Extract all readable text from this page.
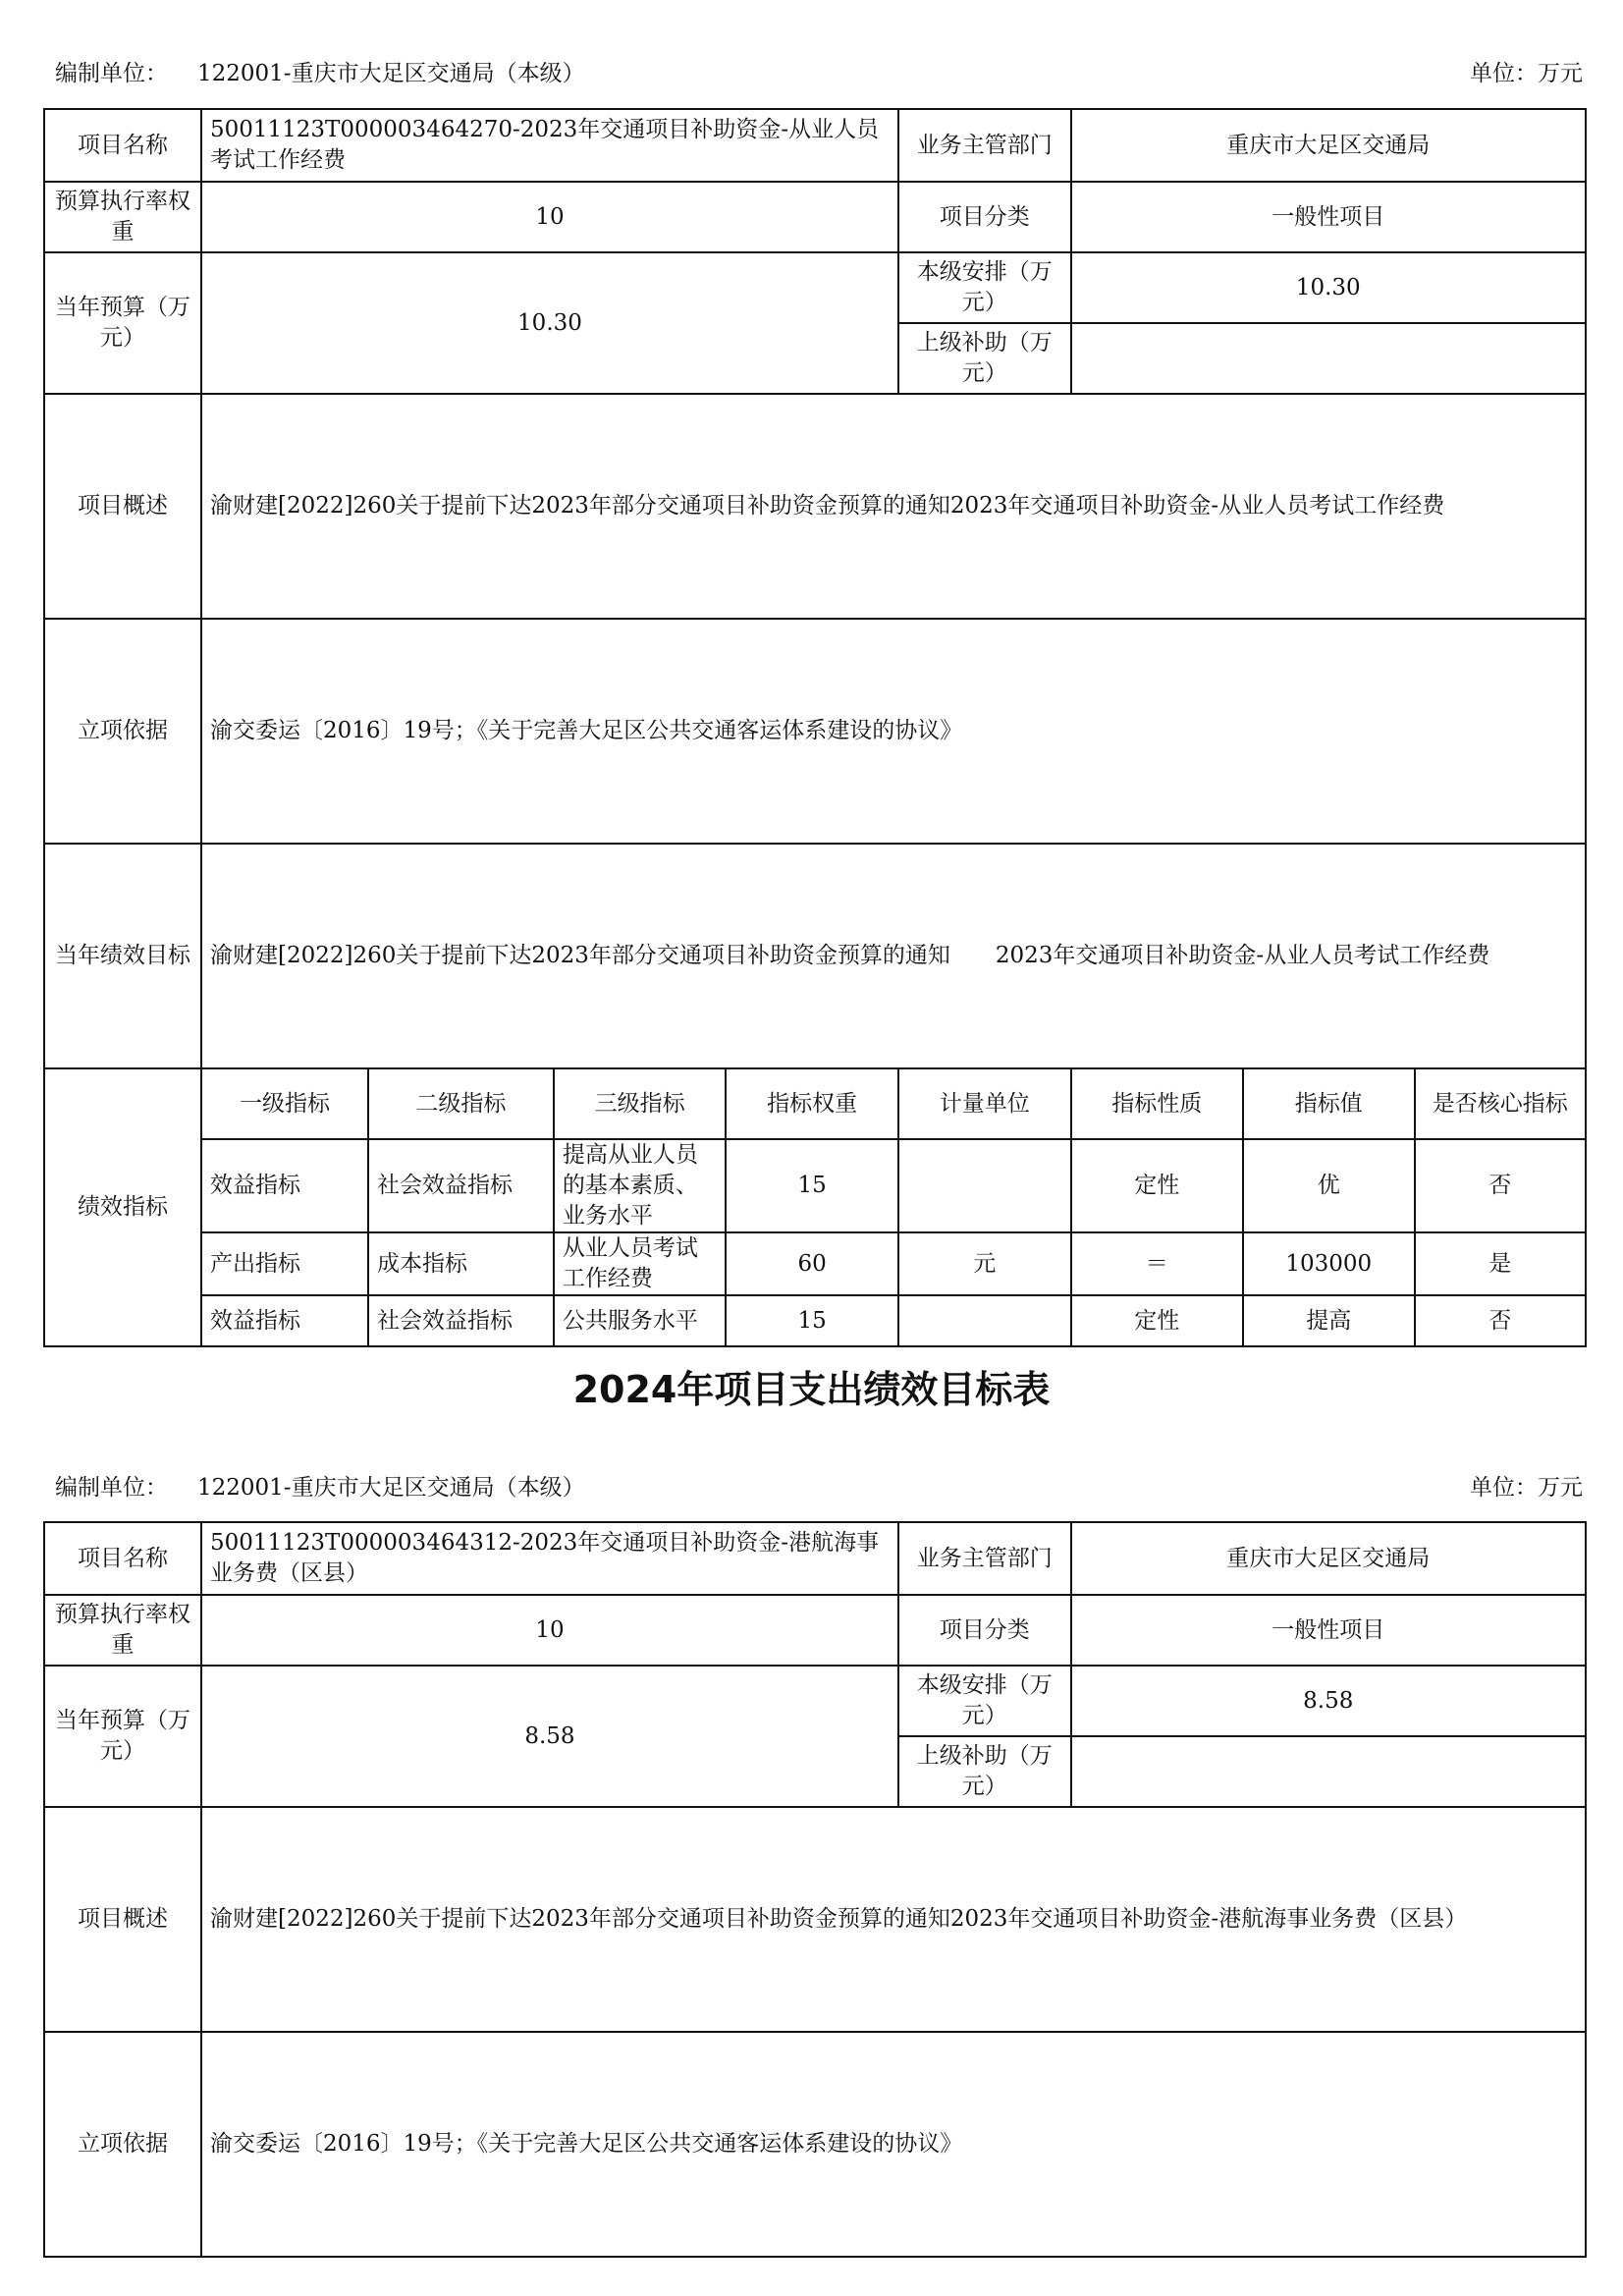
编制单位： 122001-重庆市大足区交通局（本级）	单位：万元
项目名称	50011123T000003464270-2023年交通项目补助资金-从业人员考试工作经费				业务主管部门	重庆市大足区交通局		
预算执行率权重	10				项目分类	一般性项目		
当年预算（万元）	10.30				本级安排（万元）	10.30		
					上级补助（万元）			
项目概述	渝财建[2022]260关于提前下达2023年部分交通项目补助资金预算的通知2023年交通项目补助资金-从业人员考试工作经费							
立项依据	渝交委运〔2016〕19号；《关于完善大足区公共交通客运体系建设的协议》							
当年绩效目标	渝财建[2022]260关于提前下达2023年部分交通项目补助资金预算的通知　　2023年交通项目补助资金-从业人员考试工作经费							
绩效指标	一级指标	二级指标	三级指标	指标权重	计量单位	指标性质	指标值	是否核心指标
	效益指标	社会效益指标	提高从业人员的基本素质、业务水平	15		定性	优	否
	产出指标	成本指标	从业人员考试工作经费	60	元	＝	103000	是
	效益指标	社会效益指标	公共服务水平	15		定性	提高	否
2024年项目支出绩效目标表
编制单位： 122001-重庆市大足区交通局（本级）	单位：万元
项目名称	50011123T000003464312-2023年交通项目补助资金-港航海事业务费（区县）	业务主管部门	重庆市大足区交通局
预算执行率权重	10	项目分类	一般性项目
当年预算（万元）	8.58	本级安排（万元）	8.58
		上级补助（万元）	
项目概述	渝财建[2022]260关于提前下达2023年部分交通项目补助资金预算的通知2023年交通项目补助资金-港航海事业务费（区县）		
立项依据	渝交委运〔2016〕19号；《关于完善大足区公共交通客运体系建设的协议》		
